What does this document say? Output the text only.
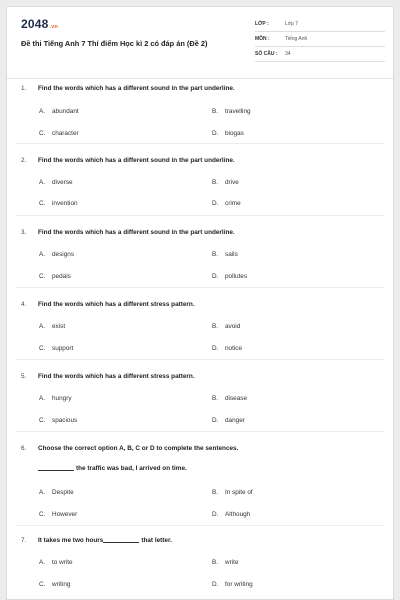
2048.vn
Đề thi Tiếng Anh 7 Thí điểm Học kì 2 có đáp án (Đề 2)
LỚP :	Lớp 7
MÔN :	Tiếng Anh
SỐ CÂU :	34
1. Find the words which has a different sound in the part underline.
A. abundant	B. travelling
C. character	D. biogas
2. Find the words which has a different sound in the part underline.
A. diverse	B. drive
C. invention	D. crime
3. Find the words which has a different sound in the part underline.
A. designs	B. sails
C. pedals	D. pollutes
4. Find the words which has a different stress pattern.
A. exist	B. avoid
C. support	D. notice
5. Find the words which has a different stress pattern.
A. hungry	B. disease
C. spacious	D. danger
6. Choose the correct option A, B, C or D to complete the sentences.
the traffic was bad, I arrived on time.
A. Despite	B. In spite of
C. However	D. Although
7. It takes me two hours	that letter.
A. to write	B. write
C. writing	D. for writing
